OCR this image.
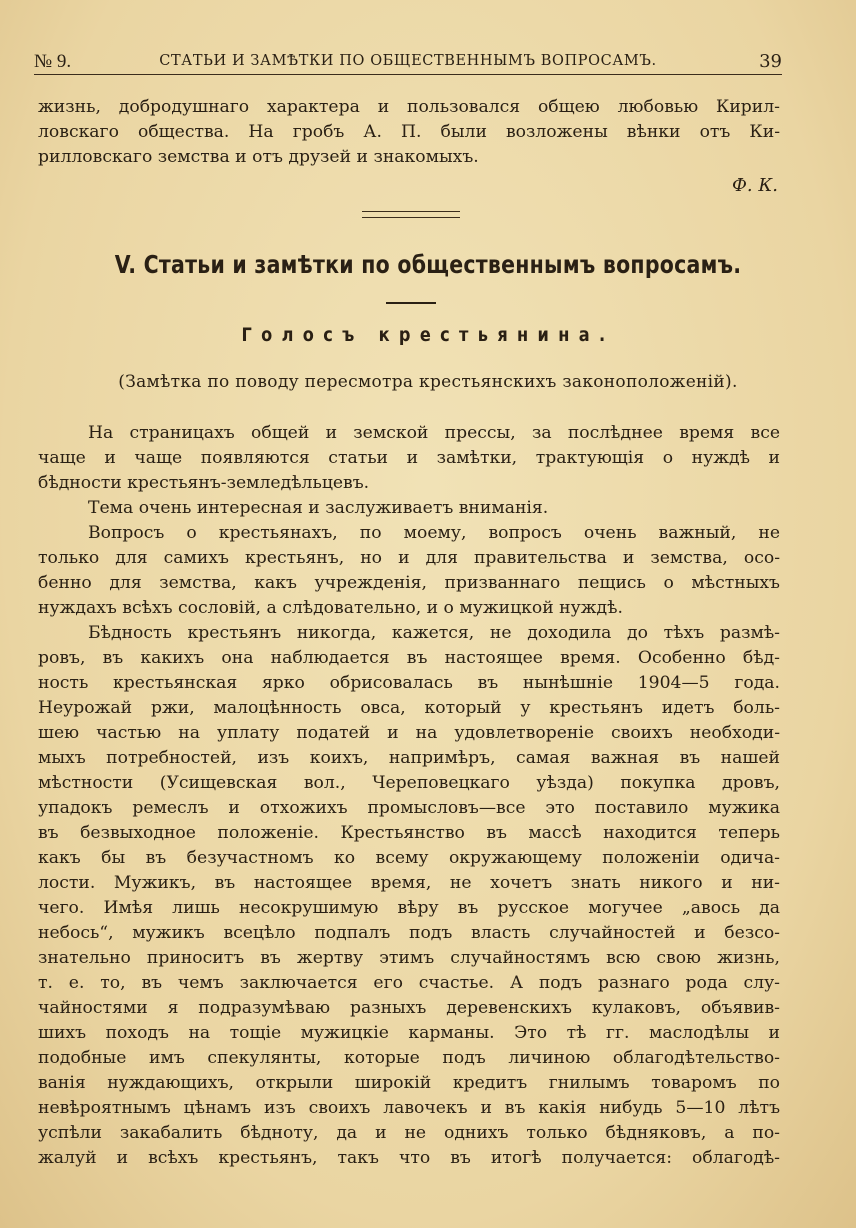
№ 9.	СТАТЬИ И ЗАМѢТКИ ПО ОБЩЕСТВЕННЫМЪ ВОПРОСАМЪ.	39
жизнь, добродушнаго характера и пользовался общею любовью Кирил-
ловскаго общества. На гробъ А. П. были возложены вѣнки отъ Ки-
рилловскаго земства и отъ друзей и знакомыхъ.
Ф. К.
V. Статьи и замѣтки по общественнымъ вопросамъ.
Голосъ крестьянина.
(Замѣтка по поводу пересмотра крестьянскихъ законоположеній).
На страницахъ общей и земской прессы, за послѣднее время все
чаще и чаще появляются статьи и замѣтки, трактующія о нуждѣ и
бѣдности крестьянъ-земледѣльцевъ.
Тема очень интересная и заслуживаетъ вниманія.
Вопросъ о крестьянахъ, по моему, вопросъ очень важный, не
только для самихъ крестьянъ, но и для правительства и земства, осо-
бенно для земства, какъ учрежденія, призваннаго пещись о мѣстныхъ
нуждахъ всѣхъ сословій, а слѣдовательно, и о мужицкой нуждѣ.
Бѣдность крестьянъ никогда, кажется, не доходила до тѣхъ размѣ-
ровъ, въ какихъ она наблюдается въ настоящее время. Особенно бѣд-
ность крестьянская ярко обрисовалась въ нынѣшніе 1904—5 года.
Неурожай ржи, малоцѣнность овса, который у крестьянъ идетъ боль-
шею частью на уплату податей и на удовлетвореніе своихъ необходи-
мыхъ потребностей, изъ коихъ, напримѣръ, самая важная въ нашей
мѣстности (Усищевская вол., Череповецкаго уѣзда) покупка дровъ,
упадокъ ремеслъ и отхожихъ промысловъ—все это поставило мужика
въ безвыходное положеніе. Крестьянство въ массѣ находится теперь
какъ бы въ безучастномъ ко всему окружающему положеніи одича-
лости. Мужикъ, въ настоящее время, не хочетъ знать никого и ни-
чего. Имѣя лишь несокрушимую вѣру въ русское могучее „авось да
небось“, мужикъ всецѣло подпалъ подъ власть случайностей и безсо-
знательно приноситъ въ жертву этимъ случайностямъ всю свою жизнь,
т. е. то, въ чемъ заключается его счастье. А подъ разнаго рода слу-
чайностями я подразумѣваю разныхъ деревенскихъ кулаковъ, объявив-
шихъ походъ на тощіе мужицкіе карманы. Это тѣ гг. маслодѣлы и
подобные имъ спекулянты, которые подъ личиною облагодѣтельство-
ванія нуждающихъ, открыли широкій кредитъ гнилымъ товаромъ по
невѣроятнымъ цѣнамъ изъ своихъ лавочекъ и въ какія нибудь 5—10 лѣтъ
успѣли закабалить бѣдноту, да и не однихъ только бѣдняковъ, а по-
жалуй и всѣхъ крестьянъ, такъ что въ итогѣ получается: облагодѣ-
